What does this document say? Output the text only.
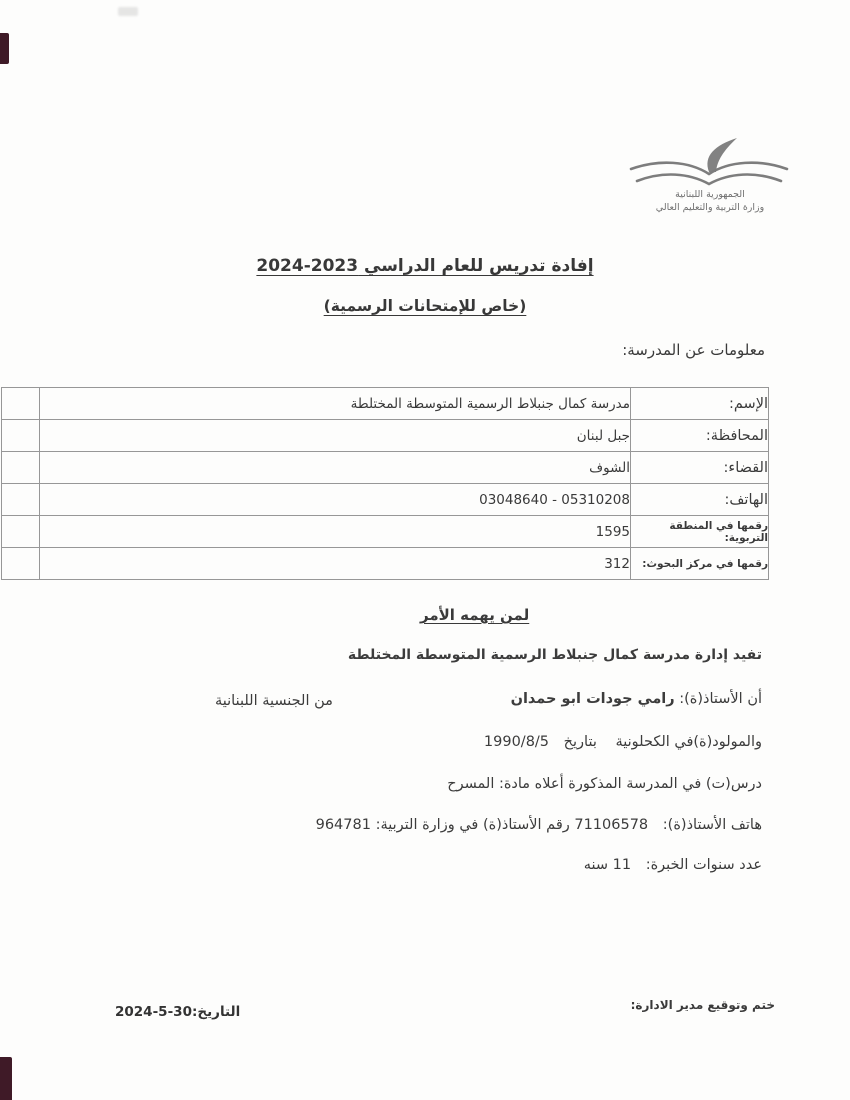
الجمهورية اللبنانية
وزارة التربية والتعليم العالي
إفادة تدريس للعام الدراسي 2024-2023
(خاص للإمتحانات الرسمية)
معلومات عن المدرسة:
	مدرسة كمال جنبلاط الرسمية المتوسطة المختلطة	الإسم:
	جبل لبنان	المحافظة:
	الشوف	القضاء:
	03048640 - 05310208	الهاتف:
	1595	رقمها في المنطقة التربوية:
	312	رقمها في مركز البحوث:
لمن يهمه الأمر
تفيد إدارة مدرسة كمال جنبلاط الرسمية المتوسطة المختلطة
أن الأستاذ(ة): رامي جودات ابو حمدان
من الجنسية اللبنانية
والمولود(ة)في الكحلونية بتاريخ 1990/8/5
درس(ت) في المدرسة المذكورة أعلاه مادة: المسرح
هاتف الأستاذ(ة): 71106578 رقم الأستاذ(ة) في وزارة التربية: 964781
عدد سنوات الخبرة: 11 سنه
ختم وتوقيع مدير الادارة:
التاريخ:2024-5-30
